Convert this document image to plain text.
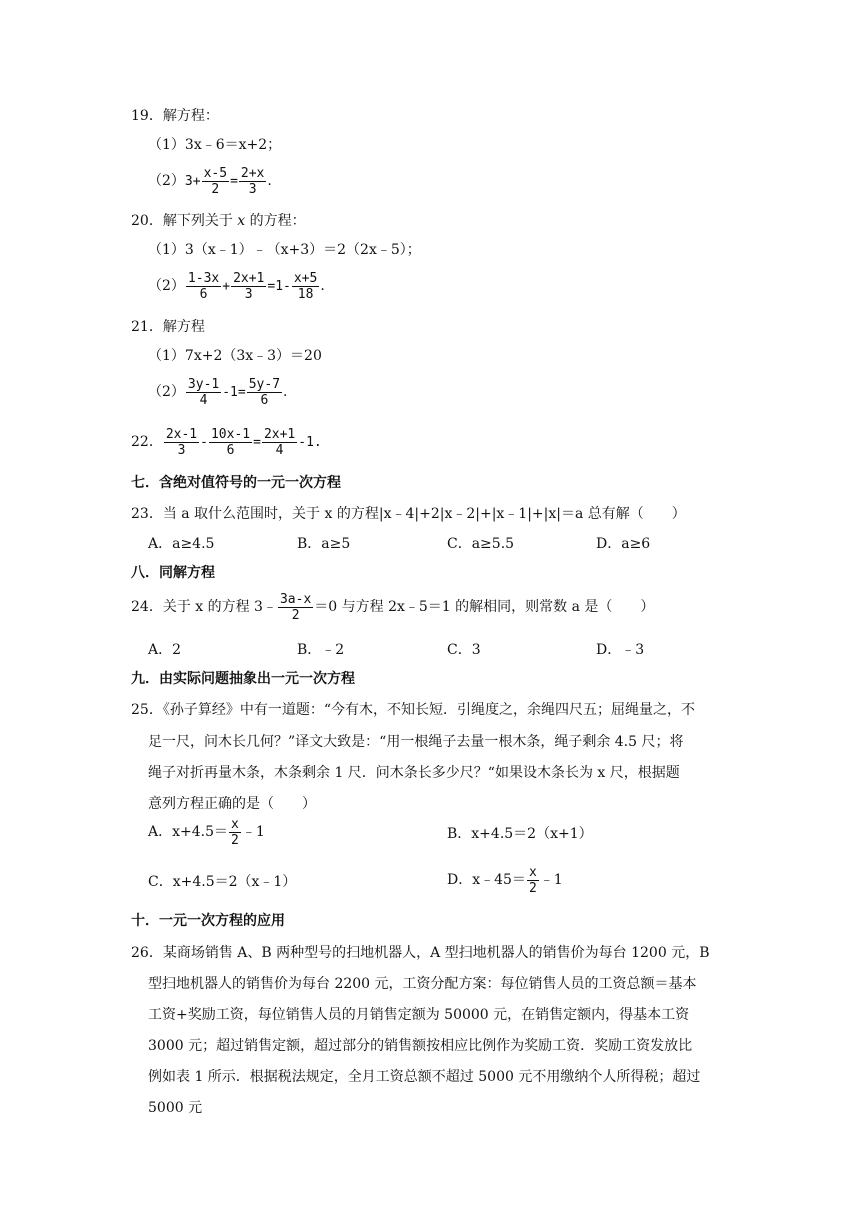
19．解方程：
（1）3x﹣6＝x+2；
$(2)3+ \frac{x-5}{2} = \frac{2+x}{3}$ .
20．解下列关于 x 的方程：
（1）3（x﹣1）﹣（x+3）＝2（2x﹣5）；
$(2) \frac{1-3x}{6} + \frac{2x+1}{3} =1- \frac{x+5}{18}$ .
21．解方程
（1）7x+2（3x﹣3）＝20
$(2) \frac{3y-1}{4} -1= \frac{5y-7}{6}$ .
22． $\frac{2x-1}{3} - \frac{10x-1}{6} = \frac{2x+1}{4} -1$.
七．含绝对值符号的一元一次方程
23．当 a 取什么范围时，关于 x 的方程|x﹣4|+2|x﹣2|+|x﹣1|+|x|＝a 总有解（　　）
A．a≥4.5	B．a≥5	C．a≥5.5	D．a≥6
八．同解方程
24．关于 x 的方程 3﹣ $\frac{3a-x}{2} =0$ 与方程 2x﹣5＝1 的解相同，则常数 a 是（　　）
A．2	B．﹣2	C．3	D．﹣3
九．由实际问题抽象出一元一次方程
25．《孙子算经》中有一道题：“今有木，不知长短．引绳度之，余绳四尺五；屈绳量之，不
足一尺，问木长几何？”译文大致是：“用一根绳子去量一根木条，绳子剩余 4.5 尺；将
绳子对折再量木条，木条剩余 1 尺．问木条长多少尺？“如果设木条长为 x 尺，根据题
意列方程正确的是（　　）
A．$x+4.5= \frac{x}{2}$ ﹣1	B．x+4.5＝2（x+1）
C．x+4.5＝2（x﹣1）	D．x﹣45＝ $\frac{x}{2}$ ﹣1
十．一元一次方程的应用
26．某商场销售 A、B 两种型号的扫地机器人，A 型扫地机器人的销售价为每台 1200 元，B
型扫地机器人的销售价为每台 2200 元，工资分配方案：每位销售人员的工资总额＝基本
工资+奖励工资，每位销售人员的月销售定额为 50000 元，在销售定额内，得基本工资
3000 元；超过销售定额，超过部分的销售额按相应比例作为奖励工资．奖励工资发放比
例如表 1 所示．根据税法规定，全月工资总额不超过 5000 元不用缴纳个人所得税；超过
5000 元
